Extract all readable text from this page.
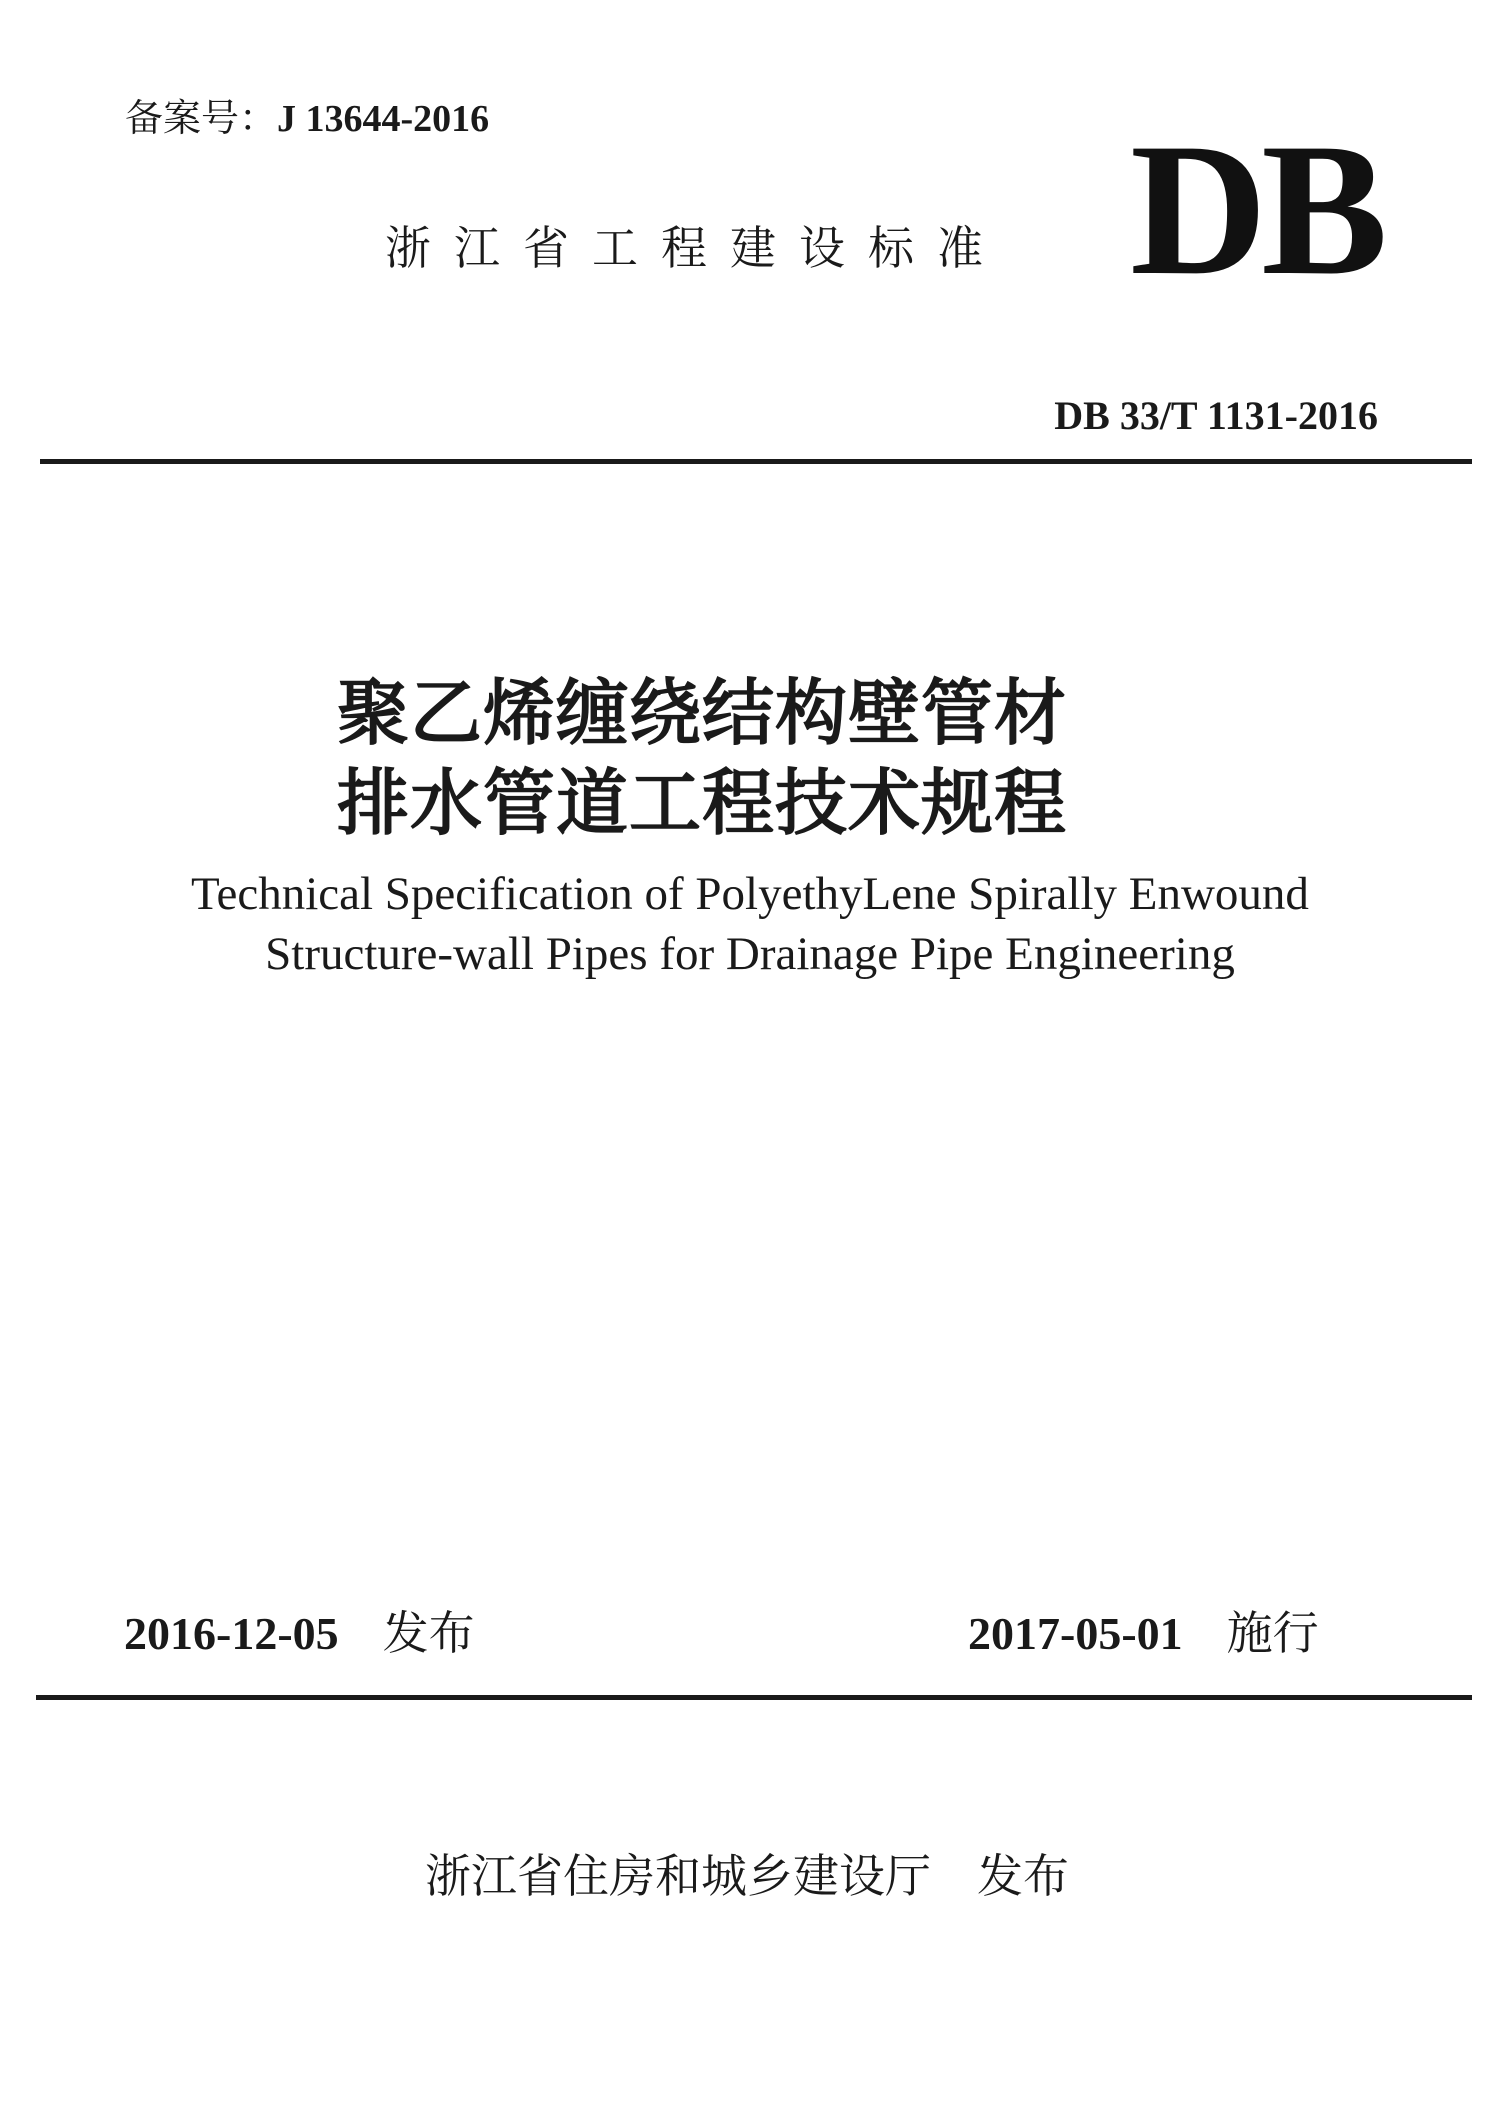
备案号：J 13644-2016
浙江省工程建设标准 DB
DB 33/T 1131-2016
聚乙烯缠绕结构壁管材
排水管道工程技术规程
Technical Specification of PolyethyLene Spirally Enwound
Structure-wall Pipes for Drainage Pipe Engineering
2016-12-05 发布	2017-05-01 施行
浙江省住房和城乡建设厅 发布
